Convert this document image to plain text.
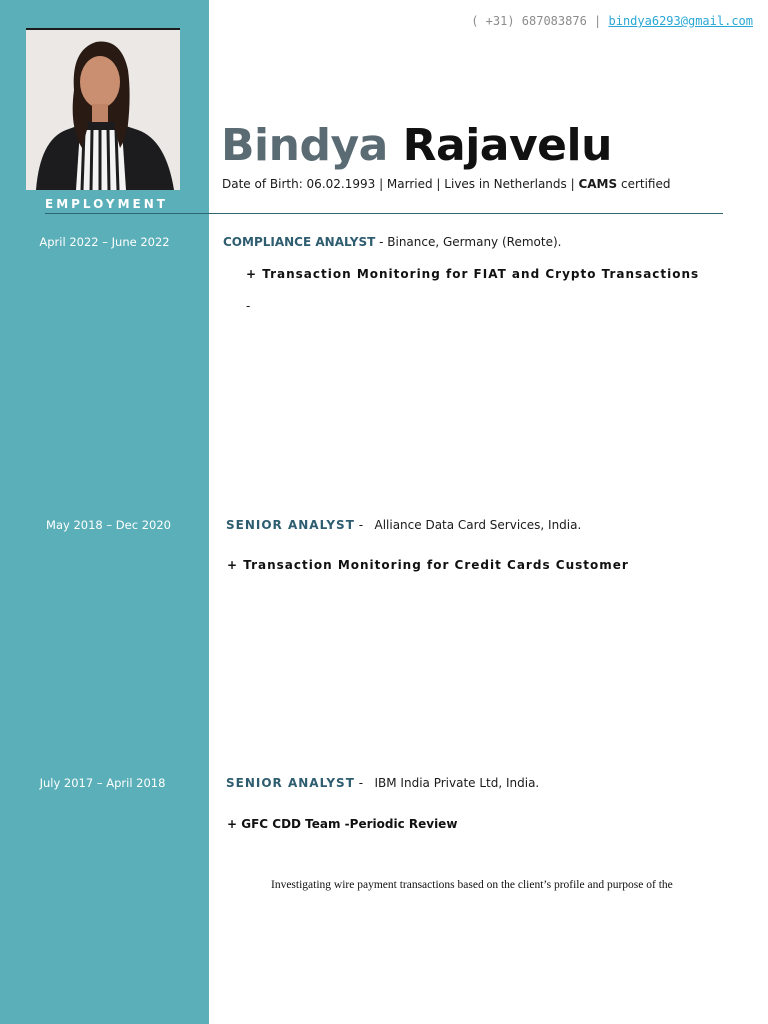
EMPLOYMENT
( +31) 687083876 | bindya6293@gmail.com
Bindya Rajavelu
Date of Birth: 06.02.1993 | Married | Lives in Netherlands | CAMS certified
April 2022 – June 2022	COMPLIANCE ANALYST - Binance, Germany (Remote).
+ Transaction Monitoring for FIAT and Crypto Transactions
-
May 2018 – Dec 2020	SENIOR ANALYST -   Alliance Data Card Services, India.
+ Transaction Monitoring for Credit Cards Customer
July 2017 – April 2018	SENIOR ANALYST -   IBM India Private Ltd, India.
+ GFC CDD Team -Periodic Review
Investigating wire payment transactions based on the client’s profile and purpose of the
